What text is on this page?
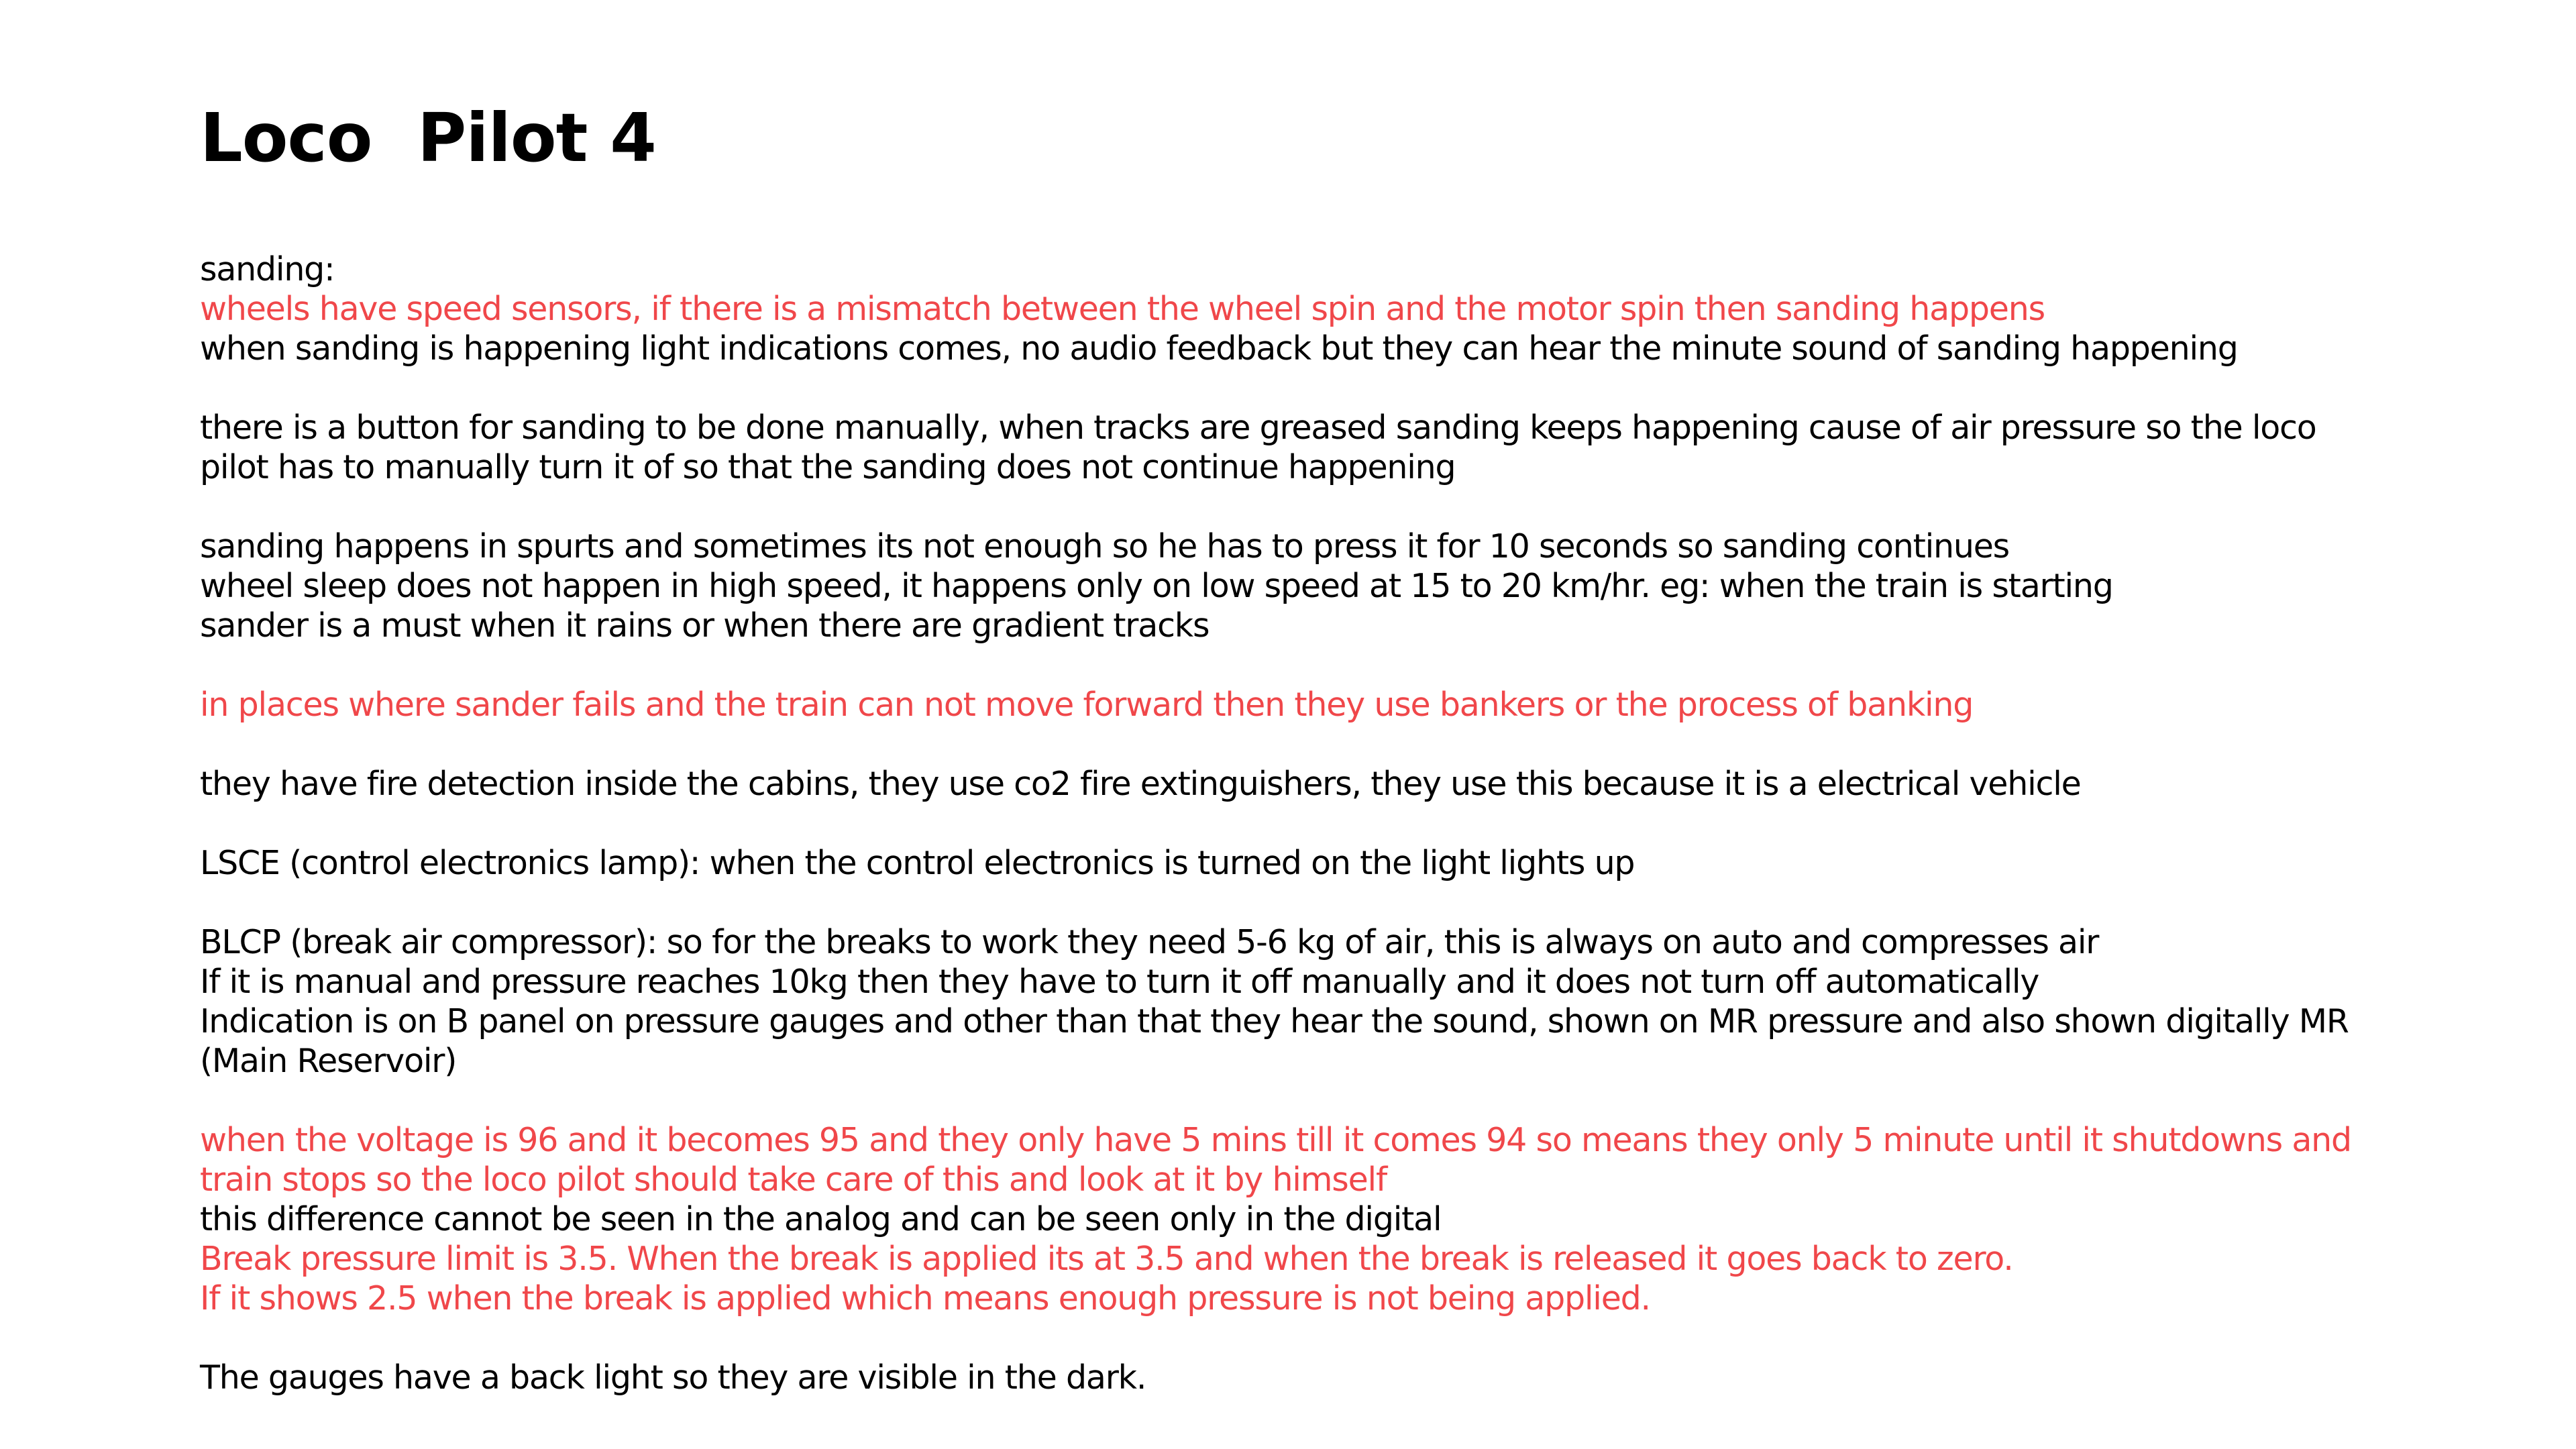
Loco  Pilot 4
sanding:
wheels have speed sensors, if there is a mismatch between the wheel spin and the motor spin then sanding happens
when sanding is happening light indications comes, no audio feedback but they can hear the minute sound of sanding happening
there is a button for sanding to be done manually, when tracks are greased sanding keeps happening cause of air pressure so the loco
pilot has to manually turn it of so that the sanding does not continue happening
sanding happens in spurts and sometimes its not enough so he has to press it for 10 seconds so sanding continues
wheel sleep does not happen in high speed, it happens only on low speed at 15 to 20 km/hr. eg: when the train is starting
sander is a must when it rains or when there are gradient tracks
in places where sander fails and the train can not move forward then they use bankers or the process of banking
they have fire detection inside the cabins, they use co2 fire extinguishers, they use this because it is a electrical vehicle
LSCE (control electronics lamp): when the control electronics is turned on the light lights up
BLCP (break air compressor): so for the breaks to work they need 5-6 kg of air, this is always on auto and compresses air
If it is manual and pressure reaches 10kg then they have to turn it off manually and it does not turn off automatically
Indication is on B panel on pressure gauges and other than that they hear the sound, shown on MR pressure and also shown digitally MR
(Main Reservoir)
when the voltage is 96 and it becomes 95 and they only have 5 mins till it comes 94 so means they only 5 minute until it shutdowns and
train stops so the loco pilot should take care of this and look at it by himself
this difference cannot be seen in the analog and can be seen only in the digital
Break pressure limit is 3.5. When the break is applied its at 3.5 and when the break is released it goes back to zero.
If it shows 2.5 when the break is applied which means enough pressure is not being applied.
The gauges have a back light so they are visible in the dark.
